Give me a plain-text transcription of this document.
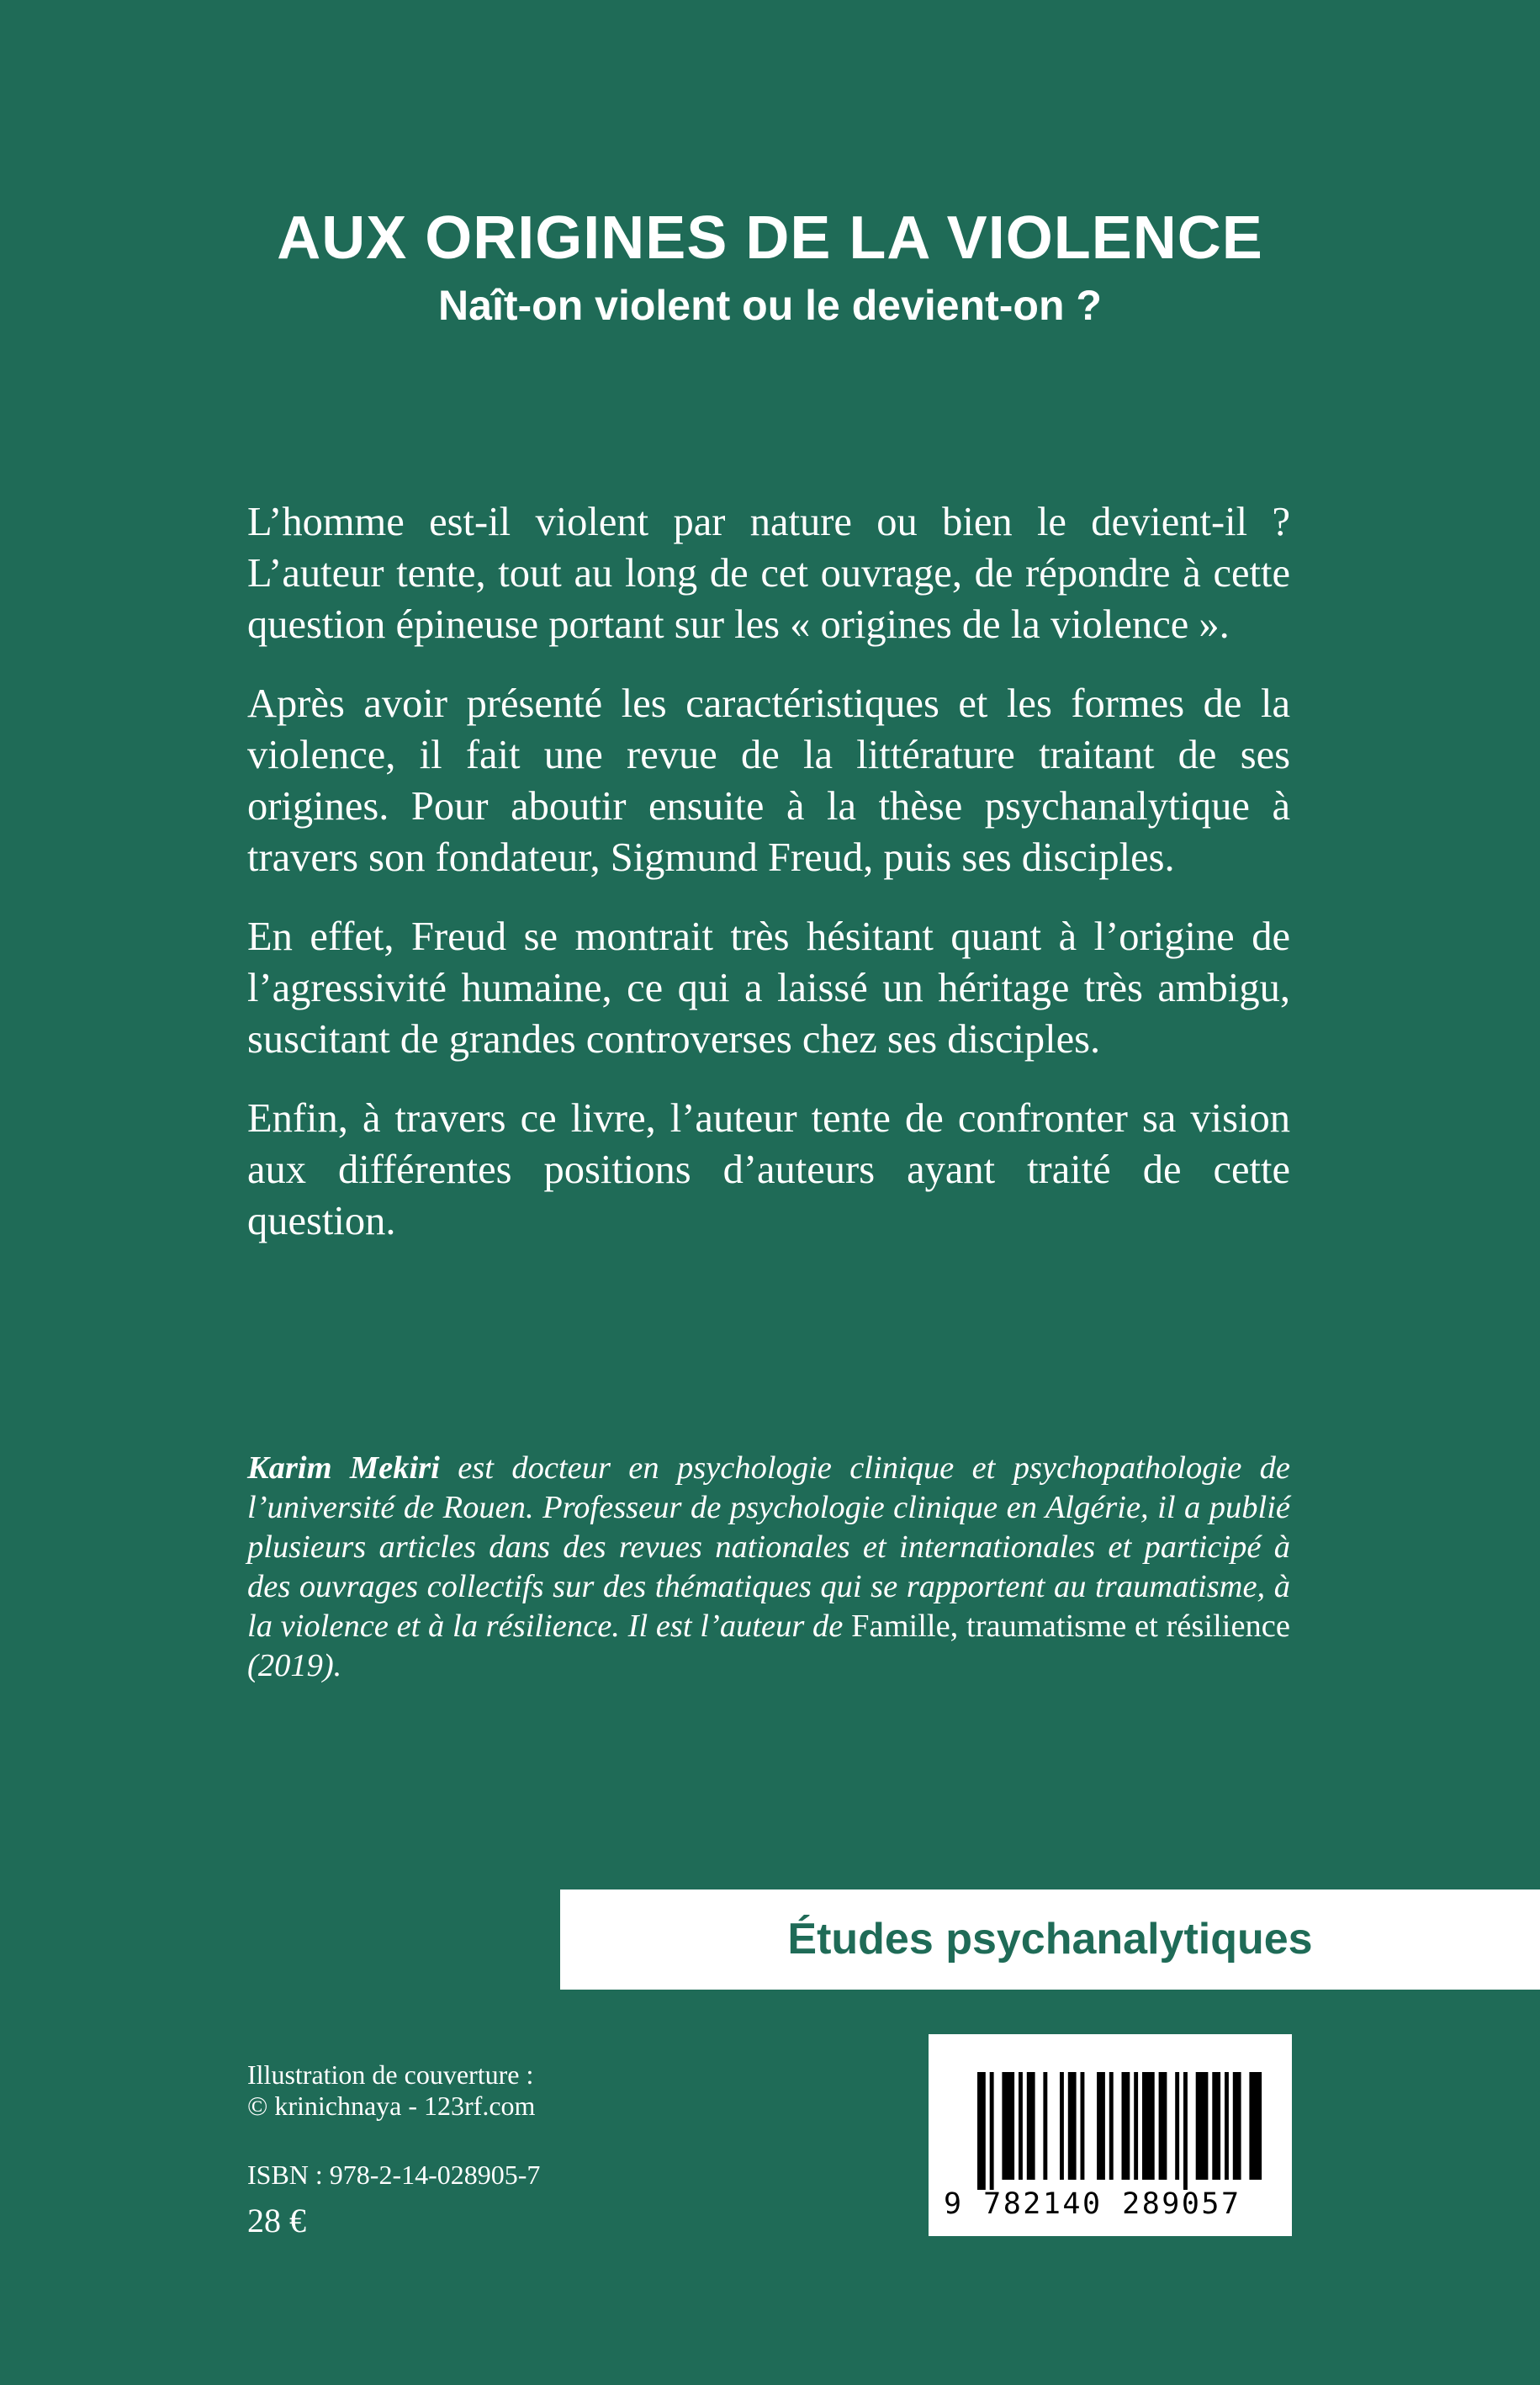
AUX ORIGINES DE LA VIOLENCE
Naît-on violent ou le devient-on ?

L’homme est-il violent par nature ou bien le devient-il ? L’auteur tente, tout au long de cet ouvrage, de répondre à cette question épineuse portant sur les « origines de la violence ».

Après avoir présenté les caractéristiques et les formes de la violence, il fait une revue de la littérature traitant de ses origines. Pour aboutir ensuite à la thèse psychanalytique à travers son fondateur, Sigmund Freud, puis ses disciples.

En effet, Freud se montrait très hésitant quant à l’origine de l’agressivité humaine, ce qui a laissé un héritage très ambigu, suscitant de grandes controverses chez ses disciples.

Enfin, à travers ce livre, l’auteur tente de confronter sa vision aux différentes positions d’auteurs ayant traité de cette question.

Karim Mekiri est docteur en psychologie clinique et psychopathologie de l’université de Rouen. Professeur de psychologie clinique en Algérie, il a publié plusieurs articles dans des revues nationales et internationales et participé à des ouvrages collectifs sur des thématiques qui se rapportent au traumatisme, à la violence et à la résilience. Il est l’auteur de Famille, traumatisme et résilience (2019).
Études psychanalytiques
Illustration de couverture :
© krinichnaya - 123rf.com
ISBN : 978-2-14-028905-7
28 €	9 782140 289057
